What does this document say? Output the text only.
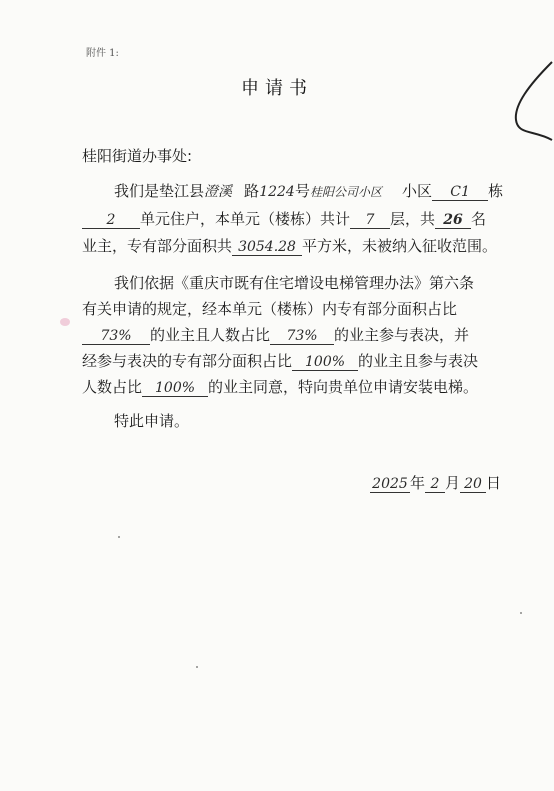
附件 1:
申请书
桂阳街道办事处:
我们是垫江县澄溪 路1224号桂阳公司小区 小区 C1 栋
2 单元住户，本单元（楼栋）共计 7 层，共 26 名
业主，专有部分面积共 3054.28 平方米，未被纳入征收范围。
我们依据《重庆市既有住宅增设电梯管理办法》第六条
有关申请的规定，经本单元（楼栋）内专有部分面积占比
73% 的业主且人数占比 73% 的业主参与表决，并
经参与表决的专有部分面积占比 100% 的业主且参与表决
人数占比 100% 的业主同意，特向贵单位申请安装电梯。
特此申请。
2025 年 2 月 20 日
